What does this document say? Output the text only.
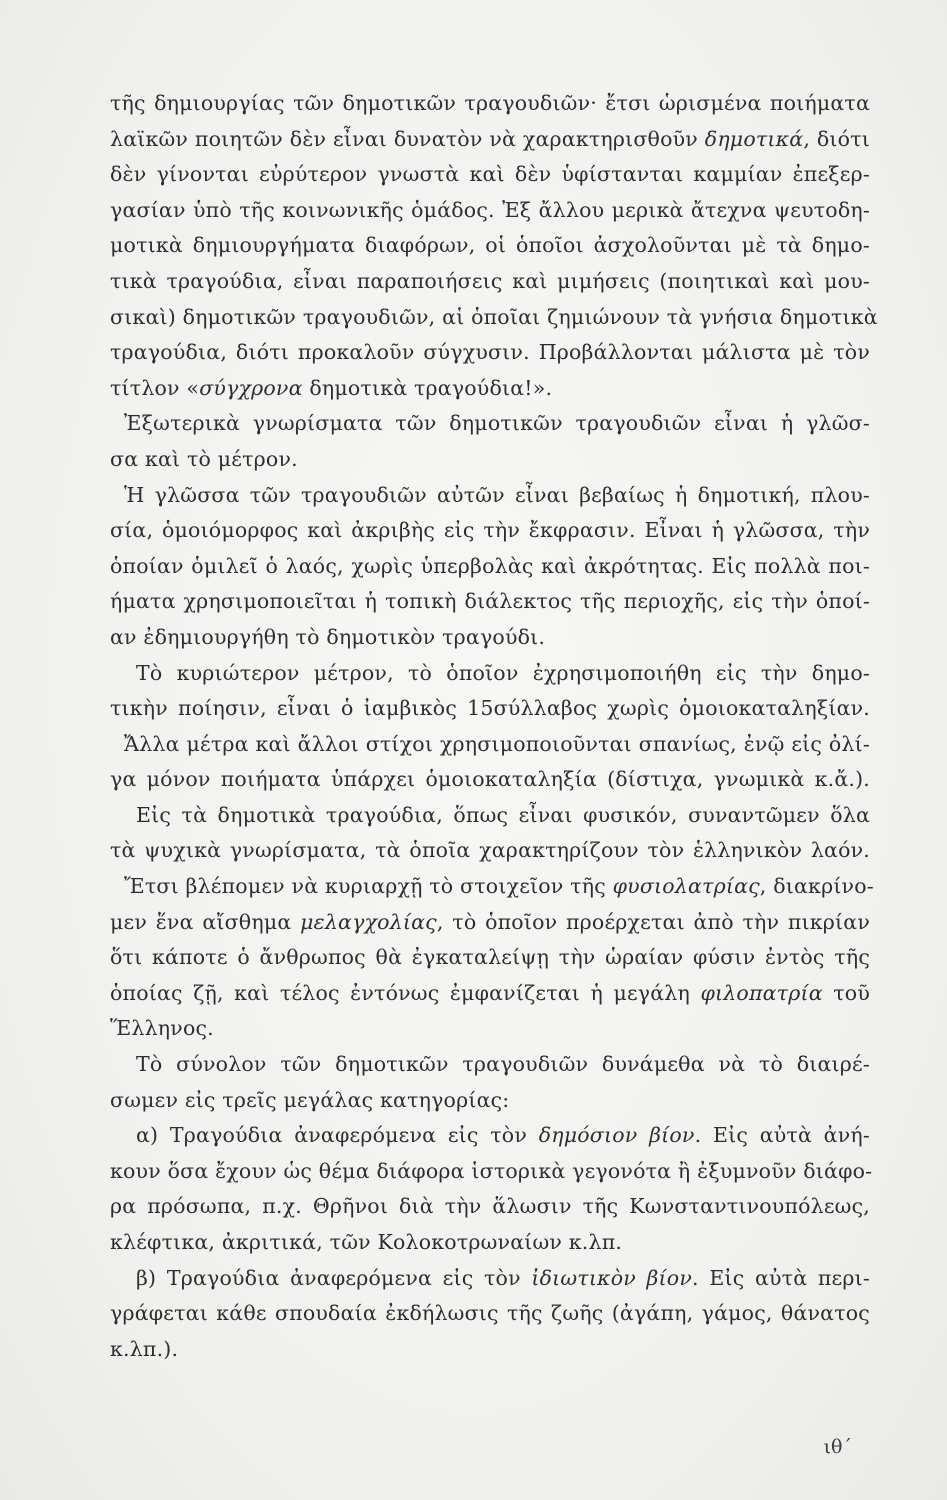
τῆς δημιουργίας τῶν δημοτικῶν τραγουδιῶν· ἔτσι ὡρισμένα ποιήματα
λαϊκῶν ποιητῶν δὲν εἶναι δυνατὸν νὰ χαρακτηρισθοῦν δημοτικά, διότι
δὲν γίνονται εὐρύτερον γνωστὰ καὶ δὲν ὑφίστανται καμμίαν ἐπεξερ-
γασίαν ὑπὸ τῆς κοινωνικῆς ὁμάδος. Ἐξ ἄλλου μερικὰ ἄτεχνα ψευτοδη-
μοτικὰ δημιουργήματα διαφόρων, οἱ ὁποῖοι ἀσχολοῦνται μὲ τὰ δημο-
τικὰ τραγούδια, εἶναι παραποιήσεις καὶ μιμήσεις (ποιητικαὶ καὶ μου-
σικαὶ) δημοτικῶν τραγουδιῶν, αἱ ὁποῖαι ζημιώνουν τὰ γνήσια δημοτικὰ
τραγούδια, διότι προκαλοῦν σύγχυσιν. Προβάλλονται μάλιστα μὲ τὸν
τίτλον «σύγχρονα δημοτικὰ τραγούδια!».
Ἐξωτερικὰ γνωρίσματα τῶν δημοτικῶν τραγουδιῶν εἶναι ἡ γλῶσ-
σα καὶ τὸ μέτρον.
Ἡ γλῶσσα τῶν τραγουδιῶν αὐτῶν εἶναι βεβαίως ἡ δημοτική, πλου-
σία, ὁμοιόμορφος καὶ ἀκριβὴς εἰς τὴν ἔκφρασιν. Εἶναι ἡ γλῶσσα, τὴν
ὁποίαν ὁμιλεῖ ὁ λαός, χωρὶς ὑπερβολὰς καὶ ἀκρότητας. Εἰς πολλὰ ποι-
ήματα χρησιμοποιεῖται ἡ τοπικὴ διάλεκτος τῆς περιοχῆς, εἰς τὴν ὁποί-
αν ἐδημιουργήθη τὸ δημοτικὸν τραγούδι.
Τὸ κυριώτερον μέτρον, τὸ ὁποῖον ἐχρησιμοποιήθη εἰς τὴν δημο-
τικὴν ποίησιν, εἶναι ὁ ἰαμβικὸς 15σύλλαβος χωρὶς ὁμοιοκαταληξίαν.
Ἄλλα μέτρα καὶ ἄλλοι στίχοι χρησιμοποιοῦνται σπανίως, ἐνῷ εἰς ὀλί-
γα μόνον ποιήματα ὑπάρχει ὁμοιοκαταληξία (δίστιχα, γνωμικὰ κ.ἄ.).
Εἰς τὰ δημοτικὰ τραγούδια, ὅπως εἶναι φυσικόν, συναντῶμεν ὅλα
τὰ ψυχικὰ γνωρίσματα, τὰ ὁποῖα χαρακτηρίζουν τὸν ἑλληνικὸν λαόν.
Ἔτσι βλέπομεν νὰ κυριαρχῇ τὸ στοιχεῖον τῆς φυσιολατρίας, διακρίνο-
μεν ἕνα αἴσθημα μελαγχολίας, τὸ ὁποῖον προέρχεται ἀπὸ τὴν πικρίαν
ὅτι κάποτε ὁ ἄνθρωπος θὰ ἐγκαταλείψῃ τὴν ὡραίαν φύσιν ἐντὸς τῆς
ὁποίας ζῇ, καὶ τέλος ἐντόνως ἐμφανίζεται ἡ μεγάλη φιλοπατρία τοῦ
Ἕλληνος.
Τὸ σύνολον τῶν δημοτικῶν τραγουδιῶν δυνάμεθα νὰ τὸ διαιρέ-
σωμεν εἰς τρεῖς μεγάλας κατηγορίας:
α) Τραγούδια ἀναφερόμενα εἰς τὸν δημόσιον βίον. Εἰς αὐτὰ ἀνή-
κουν ὅσα ἔχουν ὡς θέμα διάφορα ἱστορικὰ γεγονότα ἢ ἐξυμνοῦν διάφο-
ρα πρόσωπα, π.χ. Θρῆνοι διὰ τὴν ἅλωσιν τῆς Κωνσταντινουπόλεως,
κλέφτικα, ἀκριτικά, τῶν Κολοκοτρωναίων κ.λπ.
β) Τραγούδια ἀναφερόμενα εἰς τὸν ἰδιωτικὸν βίον. Εἰς αὐτὰ περι-
γράφεται κάθε σπουδαία ἐκδήλωσις τῆς ζωῆς (ἀγάπη, γάμος, θάνατος
κ.λπ.).
ιθ΄
